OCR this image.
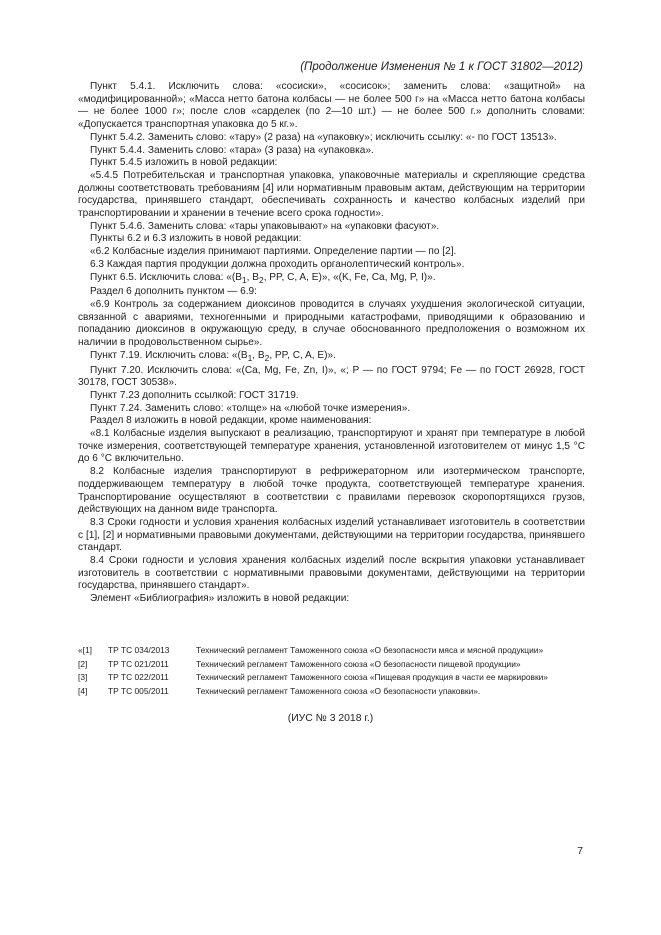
(Продолжение Изменения № 1 к ГОСТ 31802—2012)

Пункт 5.4.1. Исключить слова: «сосиски», «сосисок»; заменить слова: «защитной» на «модифицированной»; «Масса нетто батона колбасы — не более 500 г» на «Масса нетто батона колбасы — не более 1000 г»; после слов «сарделек (по 2—10 шт.) — не более 500 г.» дополнить словами: «Допускается транспортная упаковка до 5 кг.».

Пункт 5.4.2. Заменить слово: «тару» (2 раза) на «упаковку»; исключить ссылку: «- по ГОСТ 13513».

Пункт 5.4.4. Заменить слово: «тара» (3 раза) на «упаковка».

Пункт 5.4.5 изложить в новой редакции:

«5.4.5 Потребительская и транспортная упаковка, упаковочные материалы и скрепляющие средства должны соответствовать требованиям [4] или нормативным правовым актам, действующим на территории государства, принявшего стандарт, обеспечивать сохранность и качество колбасных изделий при транспортировании и хранении в течение всего срока годности».

Пункт 5.4.6. Заменить слова: «тары упаковывают» на «упаковки фасуют».

Пункты 6.2 и 6.3 изложить в новой редакции:

«6.2 Колбасные изделия принимают партиями. Определение партии — по [2].

6.3 Каждая партия продукции должна проходить органолептический контроль».

Пункт 6.5. Исключить слова: «($B_1$, $B_2$, PP, C, A, E)», «(K, Fe, Ca, Mg, P, I)».

Раздел 6 дополнить пунктом — 6.9:

«6.9 Контроль за содержанием диоксинов проводится в случаях ухудшения экологической ситуации, связанной с авариями, техногенными и природными катастрофами, приводящими к образованию и попаданию диоксинов в окружающую среду, в случае обоснованного предположения о возможном их наличии в продовольственном сырье».

Пункт 7.19. Исключить слова: «($B_1$, $B_2$, PP, C, A, E)».

Пункт 7.20. Исключить слова: «(Ca, Mg, Fe, Zn, I)», «; P — по ГОСТ 9794; Fe — по ГОСТ 26928, ГОСТ 30178, ГОСТ 30538».

Пункт 7.23 дополнить ссылкой: ГОСТ 31719.

Пункт 7.24. Заменить слово: «толще» на «любой точке измерения».

Раздел 8 изложить в новой редакции, кроме наименования:

«8.1 Колбасные изделия выпускают в реализацию, транспортируют и хранят при температуре в любой точке измерения, соответствующей температуре хранения, установленной изготовителем от минус 1,5 °С до 6 °С включительно.

8.2 Колбасные изделия транспортируют в рефрижераторном или изотермическом транспорте, поддерживающем температуру в любой точке продукта, соответствующей температуре хранения. Транспортирование осуществляют в соответствии с правилами перевозок скоропортящихся грузов, действующих на данном виде транспорта.

8.3 Сроки годности и условия хранения колбасных изделий устанавливает изготовитель в соответствии с [1], [2] и нормативными правовыми документами, действующими на территории государства, принявшего стандарт.

8.4 Сроки годности и условия хранения колбасных изделий после вскрытия упаковки устанавливает изготовитель в соответствии с нормативными правовыми документами, действующими на территории государства, принявшего стандарт».

Элемент «Библиография» изложить в новой редакции:

«[1]	ТР ТС 034/2013	Технический регламент Таможенного союза «О безопасности мяса и мясной продукции»
[2]	ТР ТС 021/2011	Технический регламент Таможенного союза «О безопасности пищевой продукции»
[3]	ТР ТС 022/2011	Технический регламент Таможенного союза «Пищевая продукция в части ее маркировки»
[4]	ТР ТС 005/2011	Технический регламент Таможенного союза «О безопасности упаковки».
(ИУС № 3 2018 г.)
7
